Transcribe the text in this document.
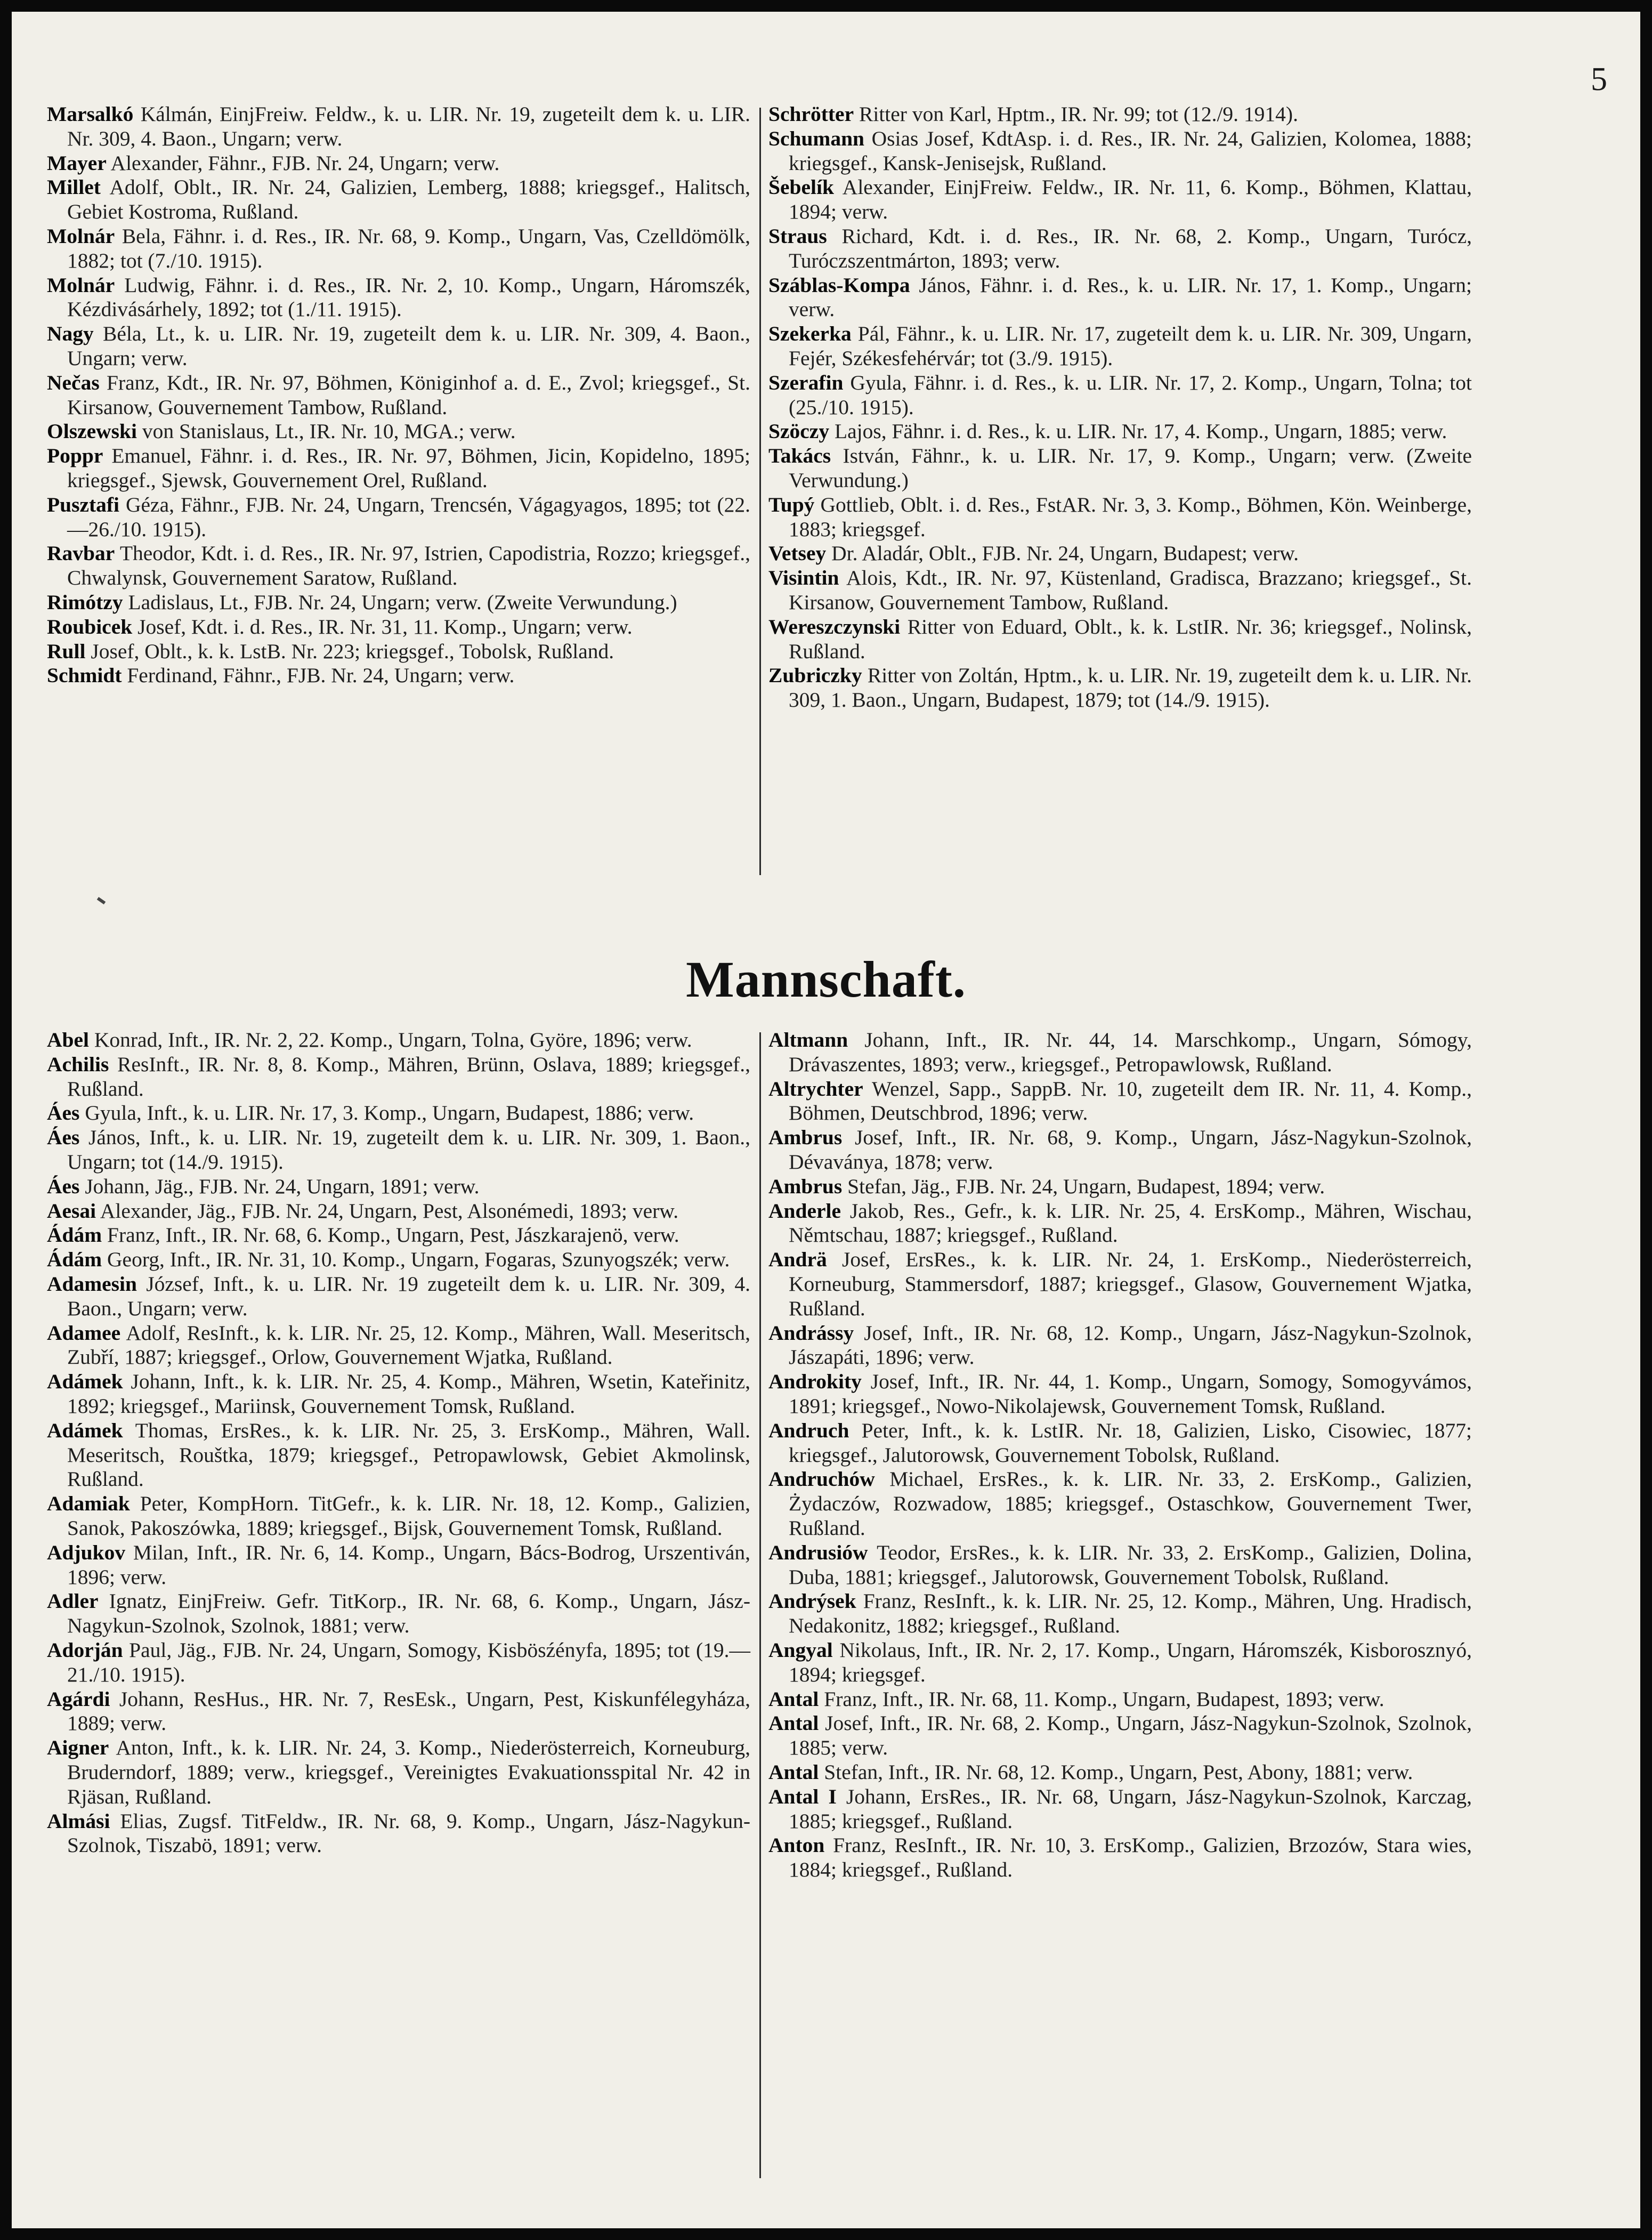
5

Marsalkó Kálmán, EinjFreiw. Feldw., k. u. LIR. Nr. 19, zugeteilt dem k. u. LIR. Nr. 309, 4. Baon., Ungarn; verw.

Mayer Alexander, Fähnr., FJB. Nr. 24, Ungarn; verw.

Millet Adolf, Oblt., IR. Nr. 24, Galizien, Lemberg, 1888; kriegsgef., Halitsch, Gebiet Kostroma, Rußland.

Molnár Bela, Fähnr. i. d. Res., IR. Nr. 68, 9. Komp., Ungarn, Vas, Czelldömölk, 1882; tot (7./10. 1915).

Molnár Ludwig, Fähnr. i. d. Res., IR. Nr. 2, 10. Komp., Ungarn, Háromszék, Kézdivásárhely, 1892; tot (1./11. 1915).

Nagy Béla, Lt., k. u. LIR. Nr. 19, zugeteilt dem k. u. LIR. Nr. 309, 4. Baon., Ungarn; verw.

Nečas Franz, Kdt., IR. Nr. 97, Böhmen, Königinhof a. d. E., Zvol; kriegsgef., St. Kirsanow, Gouvernement Tambow, Rußland.

Olszewski von Stanislaus, Lt., IR. Nr. 10, MGA.; verw.

Poppr Emanuel, Fähnr. i. d. Res., IR. Nr. 97, Böhmen, Jicin, Kopidelno, 1895; kriegsgef., Sjewsk, Gouvernement Orel, Rußland.

Pusztafi Géza, Fähnr., FJB. Nr. 24, Ungarn, Trencsén, Vágagyagos, 1895; tot (22.—26./10. 1915).

Ravbar Theodor, Kdt. i. d. Res., IR. Nr. 97, Istrien, Capodistria, Rozzo; kriegsgef., Chwalynsk, Gouvernement Saratow, Rußland.

Rimótzy Ladislaus, Lt., FJB. Nr. 24, Ungarn; verw. (Zweite Verwundung.)

Roubicek Josef, Kdt. i. d. Res., IR. Nr. 31, 11. Komp., Ungarn; verw.

Rull Josef, Oblt., k. k. LstB. Nr. 223; kriegsgef., Tobolsk, Rußland.

Schmidt Ferdinand, Fähnr., FJB. Nr. 24, Ungarn; verw.

Schrötter Ritter von Karl, Hptm., IR. Nr. 99; tot (12./9. 1914).

Schumann Osias Josef, KdtAsp. i. d. Res., IR. Nr. 24, Galizien, Kolomea, 1888; kriegsgef., Kansk-Jenisejsk, Rußland.

Šebelík Alexander, EinjFreiw. Feldw., IR. Nr. 11, 6. Komp., Böhmen, Klattau, 1894; verw.

Straus Richard, Kdt. i. d. Res., IR. Nr. 68, 2. Komp., Ungarn, Turócz, Turóczszentmárton, 1893; verw.

Száblas-Kompa János, Fähnr. i. d. Res., k. u. LIR. Nr. 17, 1. Komp., Ungarn; verw.

Szekerka Pál, Fähnr., k. u. LIR. Nr. 17, zugeteilt dem k. u. LIR. Nr. 309, Ungarn, Fejér, Székesfehérvár; tot (3./9. 1915).

Szerafin Gyula, Fähnr. i. d. Res., k. u. LIR. Nr. 17, 2. Komp., Ungarn, Tolna; tot (25./10. 1915).

Szöczy Lajos, Fähnr. i. d. Res., k. u. LIR. Nr. 17, 4. Komp., Ungarn, 1885; verw.

Takács István, Fähnr., k. u. LIR. Nr. 17, 9. Komp., Ungarn; verw. (Zweite Verwundung.)

Tupý Gottlieb, Oblt. i. d. Res., FstAR. Nr. 3, 3. Komp., Böhmen, Kön. Weinberge, 1883; kriegsgef.

Vetsey Dr. Aladár, Oblt., FJB. Nr. 24, Ungarn, Budapest; verw.

Visintin Alois, Kdt., IR. Nr. 97, Küstenland, Gradisca, Brazzano; kriegsgef., St. Kirsanow, Gouvernement Tambow, Rußland.

Wereszczynski Ritter von Eduard, Oblt., k. k. LstIR. Nr. 36; kriegsgef., Nolinsk, Rußland.

Zubriczky Ritter von Zoltán, Hptm., k. u. LIR. Nr. 19, zugeteilt dem k. u. LIR. Nr. 309, 1. Baon., Ungarn, Budapest, 1879; tot (14./9. 1915).

Mannschaft.

Abel Konrad, Inft., IR. Nr. 2, 22. Komp., Ungarn, Tolna, Györe, 1896; verw.

Achilis ResInft., IR. Nr. 8, 8. Komp., Mähren, Brünn, Oslava, 1889; kriegsgef., Rußland.

Áes Gyula, Inft., k. u. LIR. Nr. 17, 3. Komp., Ungarn, Budapest, 1886; verw.

Áes János, Inft., k. u. LIR. Nr. 19, zugeteilt dem k. u. LIR. Nr. 309, 1. Baon., Ungarn; tot (14./9. 1915).

Áes Johann, Jäg., FJB. Nr. 24, Ungarn, 1891; verw.

Aesai Alexander, Jäg., FJB. Nr. 24, Ungarn, Pest, Alsonémedi, 1893; verw.

Ádám Franz, Inft., IR. Nr. 68, 6. Komp., Ungarn, Pest, Jászkarajenö, verw.

Ádám Georg, Inft., IR. Nr. 31, 10. Komp., Ungarn, Fogaras, Szunyogszék; verw.

Adamesin József, Inft., k. u. LIR. Nr. 19 zugeteilt dem k. u. LIR. Nr. 309, 4. Baon., Ungarn; verw.

Adamee Adolf, ResInft., k. k. LIR. Nr. 25, 12. Komp., Mähren, Wall. Meseritsch, Zubří, 1887; kriegsgef., Orlow, Gouvernement Wjatka, Rußland.

Adámek Johann, Inft., k. k. LIR. Nr. 25, 4. Komp., Mähren, Wsetin, Kateřinitz, 1892; kriegsgef., Mariinsk, Gouvernement Tomsk, Rußland.

Adámek Thomas, ErsRes., k. k. LIR. Nr. 25, 3. ErsKomp., Mähren, Wall. Meseritsch, Rouštka, 1879; kriegsgef., Petropawlowsk, Gebiet Akmolinsk, Rußland.

Adamiak Peter, KompHorn. TitGefr., k. k. LIR. Nr. 18, 12. Komp., Galizien, Sanok, Pakoszówka, 1889; kriegsgef., Bijsk, Gouvernement Tomsk, Rußland.

Adjukov Milan, Inft., IR. Nr. 6, 14. Komp., Ungarn, Bács-Bodrog, Urszentiván, 1896; verw.

Adler Ignatz, EinjFreiw. Gefr. TitKorp., IR. Nr. 68, 6. Komp., Ungarn, Jász-Nagykun-Szolnok, Szolnok, 1881; verw.

Adorján Paul, Jäg., FJB. Nr. 24, Ungarn, Somogy, Kisbösźényfa, 1895; tot (19.—21./10. 1915).

Agárdi Johann, ResHus., HR. Nr. 7, ResEsk., Ungarn, Pest, Kiskunfélegyháza, 1889; verw.

Aigner Anton, Inft., k. k. LIR. Nr. 24, 3. Komp., Niederösterreich, Korneuburg, Bruderndorf, 1889; verw., kriegsgef., Vereinigtes Evakuationsspital Nr. 42 in Rjäsan, Rußland.

Almási Elias, Zugsf. TitFeldw., IR. Nr. 68, 9. Komp., Ungarn, Jász-Nagykun-Szolnok, Tiszabö, 1891; verw.

Altmann Johann, Inft., IR. Nr. 44, 14. Marschkomp., Ungarn, Sómogy, Drávaszentes, 1893; verw., kriegsgef., Petropawlowsk, Rußland.

Altrychter Wenzel, Sapp., SappB. Nr. 10, zugeteilt dem IR. Nr. 11, 4. Komp., Böhmen, Deutschbrod, 1896; verw.

Ambrus Josef, Inft., IR. Nr. 68, 9. Komp., Ungarn, Jász-Nagykun-Szolnok, Dévaványa, 1878; verw.

Ambrus Stefan, Jäg., FJB. Nr. 24, Ungarn, Budapest, 1894; verw.

Anderle Jakob, Res., Gefr., k. k. LIR. Nr. 25, 4. ErsKomp., Mähren, Wischau, Němtschau, 1887; kriegsgef., Rußland.

Andrä Josef, ErsRes., k. k. LIR. Nr. 24, 1. ErsKomp., Niederösterreich, Korneuburg, Stammersdorf, 1887; kriegsgef., Glasow, Gouvernement Wjatka, Rußland.

Andrássy Josef, Inft., IR. Nr. 68, 12. Komp., Ungarn, Jász-Nagykun-Szolnok, Jászapáti, 1896; verw.

Androkity Josef, Inft., IR. Nr. 44, 1. Komp., Ungarn, Somogy, Somogyvámos, 1891; kriegsgef., Nowo-Nikolajewsk, Gouvernement Tomsk, Rußland.

Andruch Peter, Inft., k. k. LstIR. Nr. 18, Galizien, Lisko, Cisowiec, 1877; kriegsgef., Jalutorowsk, Gouvernement Tobolsk, Rußland.

Andruchów Michael, ErsRes., k. k. LIR. Nr. 33, 2. ErsKomp., Galizien, Żydaczów, Rozwadow, 1885; kriegsgef., Ostaschkow, Gouvernement Twer, Rußland.

Andrusiów Teodor, ErsRes., k. k. LIR. Nr. 33, 2. ErsKomp., Galizien, Dolina, Duba, 1881; kriegsgef., Jalutorowsk, Gouvernement Tobolsk, Rußland.

Andrýsek Franz, ResInft., k. k. LIR. Nr. 25, 12. Komp., Mähren, Ung. Hradisch, Nedakonitz, 1882; kriegsgef., Rußland.

Angyal Nikolaus, Inft., IR. Nr. 2, 17. Komp., Ungarn, Háromszék, Kisborosznyó, 1894; kriegsgef.

Antal Franz, Inft., IR. Nr. 68, 11. Komp., Ungarn, Budapest, 1893; verw.

Antal Josef, Inft., IR. Nr. 68, 2. Komp., Ungarn, Jász-Nagykun-Szolnok, Szolnok, 1885; verw.

Antal Stefan, Inft., IR. Nr. 68, 12. Komp., Ungarn, Pest, Abony, 1881; verw.

Antal I Johann, ErsRes., IR. Nr. 68, Ungarn, Jász-Nagykun-Szolnok, Karczag, 1885; kriegsgef., Rußland.

Anton Franz, ResInft., IR. Nr. 10, 3. ErsKomp., Galizien, Brzozów, Stara wies, 1884; kriegsgef., Rußland.
